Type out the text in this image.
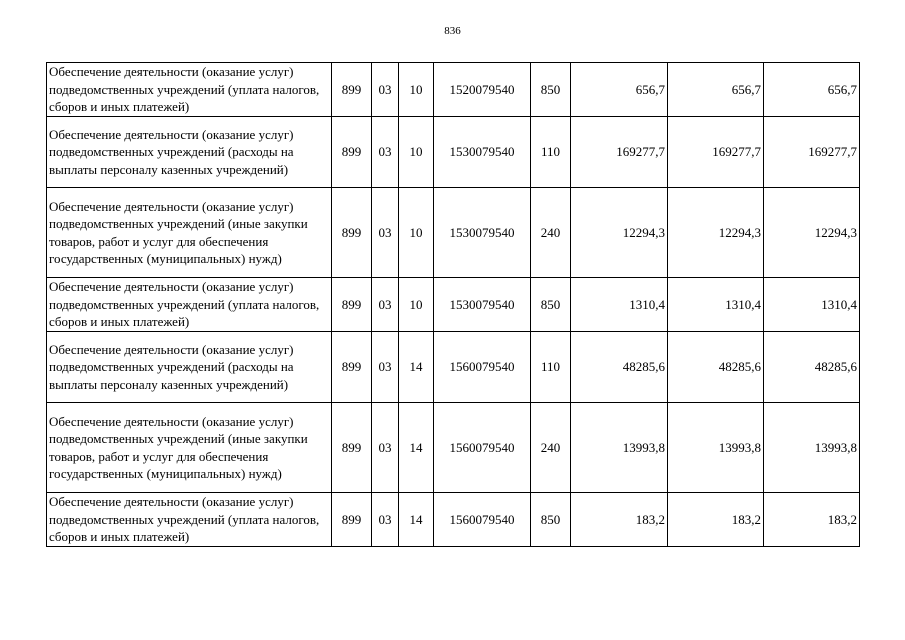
836
Обеспечение деятельности (оказание услуг) подведомственных учреждений (уплата налогов, сборов и иных платежей)	899	03	10	1520079540	850	656,7	656,7	656,7
Обеспечение деятельности (оказание услуг) подведомственных учреждений (расходы на выплаты персоналу казенных учреждений)	899	03	10	1530079540	110	169277,7	169277,7	169277,7
Обеспечение деятельности (оказание услуг) подведомственных учреждений (иные закупки товаров, работ и услуг для обеспечения государственных (муниципальных) нужд)	899	03	10	1530079540	240	12294,3	12294,3	12294,3
Обеспечение деятельности (оказание услуг) подведомственных учреждений (уплата налогов, сборов и иных платежей)	899	03	10	1530079540	850	1310,4	1310,4	1310,4
Обеспечение деятельности (оказание услуг) подведомственных учреждений (расходы на выплаты персоналу казенных учреждений)	899	03	14	1560079540	110	48285,6	48285,6	48285,6
Обеспечение деятельности (оказание услуг) подведомственных учреждений (иные закупки товаров, работ и услуг для обеспечения государственных (муниципальных) нужд)	899	03	14	1560079540	240	13993,8	13993,8	13993,8
Обеспечение деятельности (оказание услуг) подведомственных учреждений (уплата налогов, сборов и иных платежей)	899	03	14	1560079540	850	183,2	183,2	183,2
